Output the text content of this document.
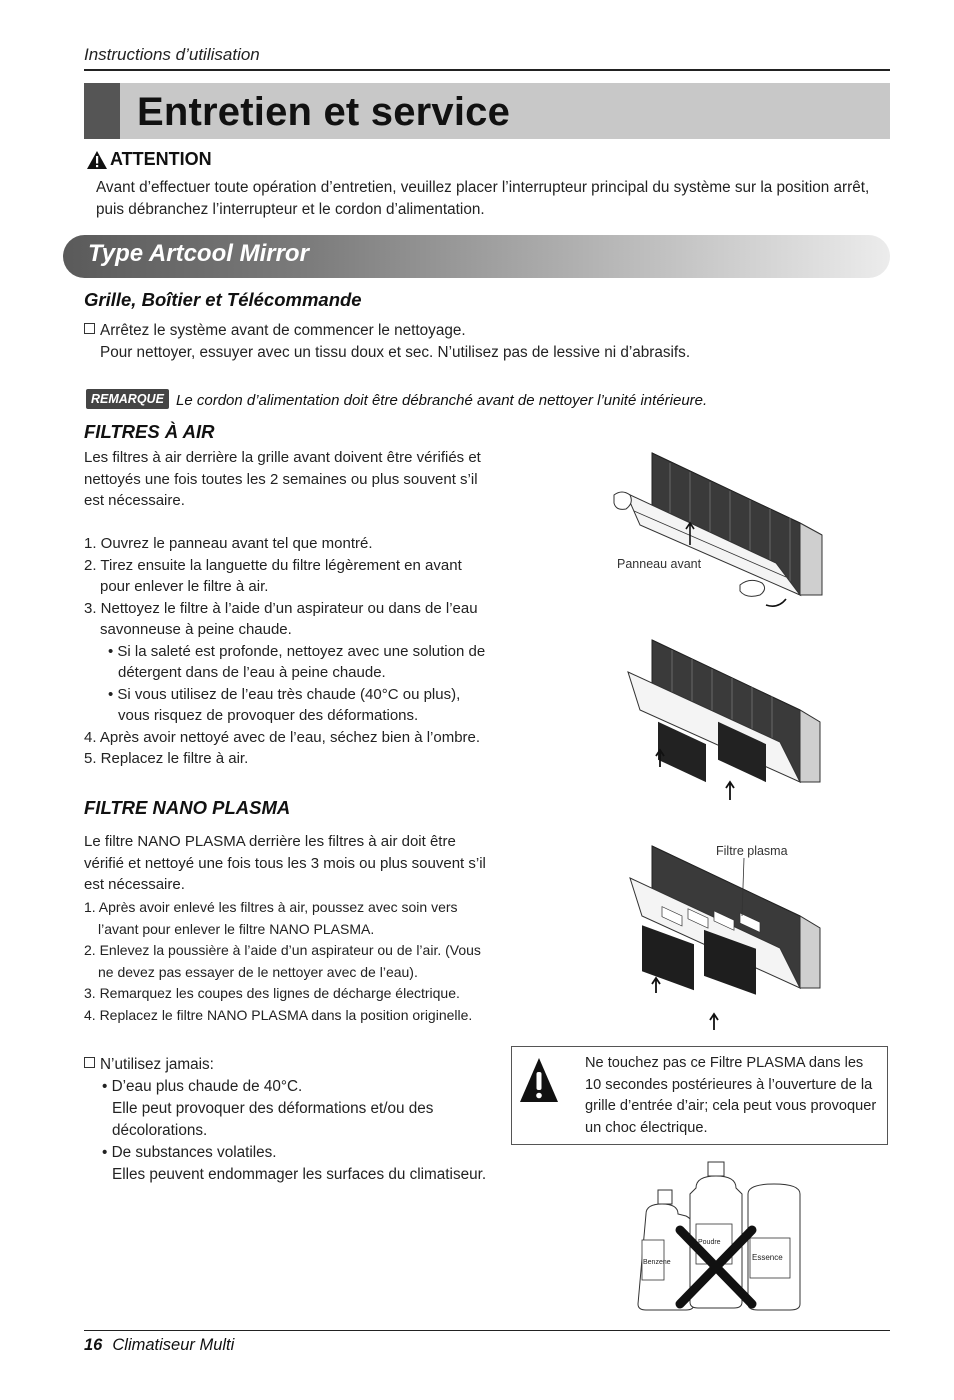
Instructions d’utilisation
Entretien et service
ATTENTION
Avant d’effectuer toute opération d’entretien, veuillez placer l’interrupteur principal du système sur la position arrêt, puis débranchez l’interrupteur et le cordon d’alimentation.
Type Artcool Mirror
Grille, Boîtier et Télécommande
Arrêtez le système avant de commencer le nettoyage.
Pour nettoyer, essuyer avec un tissu doux et sec. N’utilisez pas de lessive ni d’abrasifs.
REMARQUE Le cordon d’alimentation doit être débranché avant de nettoyer l’unité intérieure.
FILTRES À AIR
Les filtres à air derrière la grille avant doivent être vérifiés et nettoyés une fois toutes les 2 semaines ou plus souvent s’il est nécessaire.
1. Ouvrez le panneau avant tel que montré.
2. Tirez ensuite la languette du filtre légèrement en avant pour enlever le filtre à air.
3. Nettoyez le filtre à l’aide d’un aspirateur ou dans de l’eau savonneuse à peine chaude.
• Si la saleté est profonde, nettoyez avec une solution de détergent dans de l’eau à peine chaude.
• Si vous utilisez de l’eau très chaude (40°C ou plus), vous risquez de provoquer des déformations.
4. Après avoir nettoyé avec de l’eau, séchez bien à l’ombre.
5. Replacez le filtre à air.
FILTRE NANO PLASMA
Le filtre NANO PLASMA derrière les filtres à air doit être vérifié et nettoyé une fois tous les 3 mois ou plus souvent s’il est nécessaire.
1. Après avoir enlevé les filtres à air, poussez avec soin vers l’avant pour enlever le filtre NANO PLASMA.
2. Enlevez la poussière à l’aide d’un aspirateur ou de l’air. (Vous ne devez pas essayer de le nettoyer avec de l’eau).
3. Remarquez les coupes des lignes de décharge électrique.
4. Replacez le filtre NANO PLASMA dans la position originelle.
N’utilisez jamais:
• D’eau plus chaude de 40°C.
Elle peut provoquer des déformations et/ou des décolorations.
• De substances volatiles.
Elles peuvent endommager les surfaces du climatiseur.
Ne touchez pas ce Filtre PLASMA dans les 10 secondes postérieures à l’ouverture de la grille d’entrée d’air; cela peut vous provoquer un choc électrique.
Panneau avant
Filtre plasma
Benzene
Poudre
Essence
16 Climatiseur Multi
